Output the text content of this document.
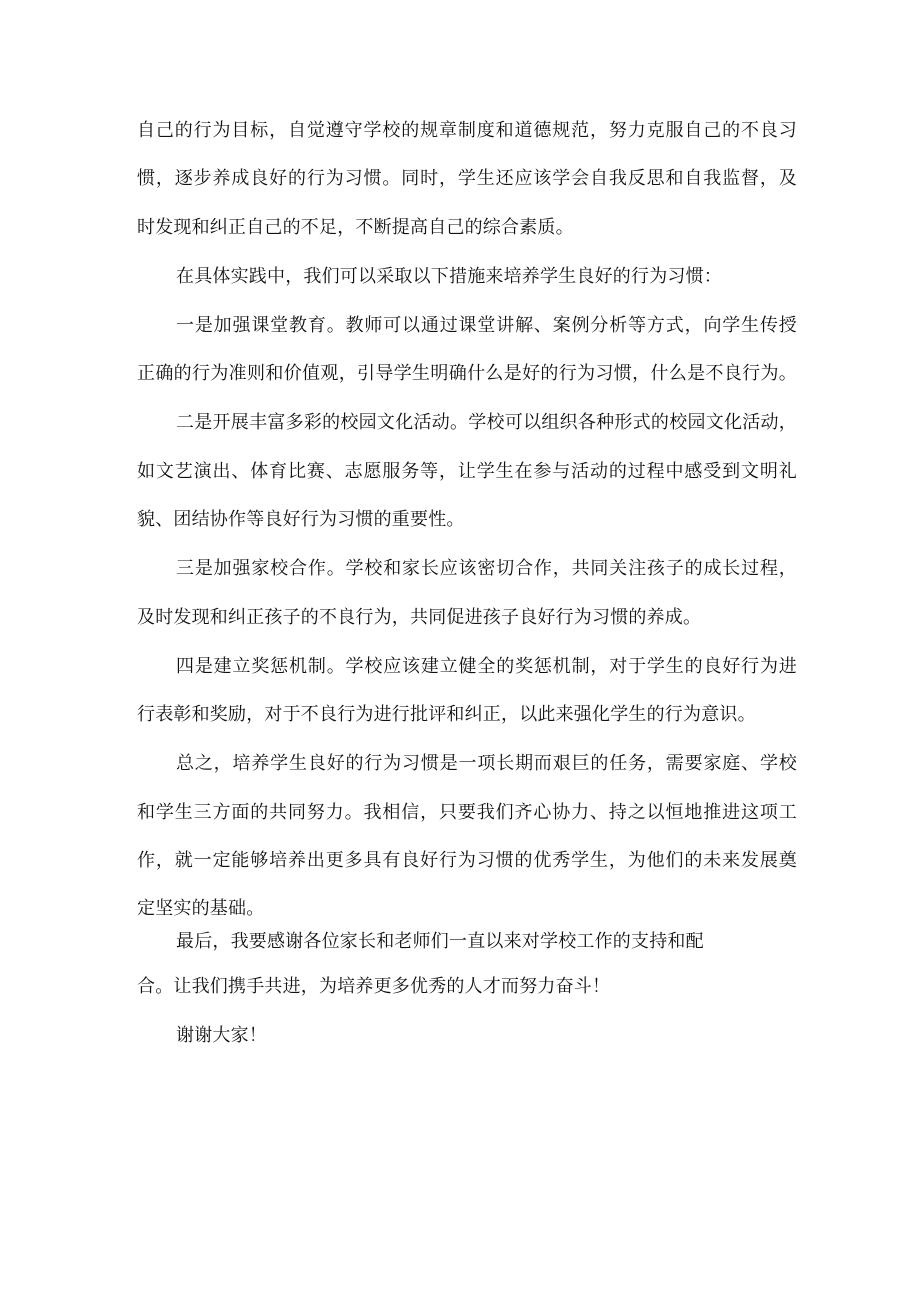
自己的行为目标，自觉遵守学校的规章制度和道德规范，努力克服自己的不良习
惯，逐步养成良好的行为习惯。同时，学生还应该学会自我反思和自我监督，及
时发现和纠正自己的不足，不断提高自己的综合素质。
在具体实践中，我们可以采取以下措施来培养学生良好的行为习惯：
一是加强课堂教育。教师可以通过课堂讲解、案例分析等方式，向学生传授
正确的行为准则和价值观，引导学生明确什么是好的行为习惯，什么是不良行为。
二是开展丰富多彩的校园文化活动。学校可以组织各种形式的校园文化活动，
如文艺演出、体育比赛、志愿服务等，让学生在参与活动的过程中感受到文明礼
貌、团结协作等良好行为习惯的重要性。
三是加强家校合作。学校和家长应该密切合作，共同关注孩子的成长过程，
及时发现和纠正孩子的不良行为，共同促进孩子良好行为习惯的养成。
四是建立奖惩机制。学校应该建立健全的奖惩机制，对于学生的良好行为进
行表彰和奖励，对于不良行为进行批评和纠正，以此来强化学生的行为意识。
总之，培养学生良好的行为习惯是一项长期而艰巨的任务，需要家庭、学校
和学生三方面的共同努力。我相信，只要我们齐心协力、持之以恒地推进这项工
作，就一定能够培养出更多具有良好行为习惯的优秀学生，为他们的未来发展奠
定坚实的基础。
最后，我要感谢各位家长和老师们一直以来对学校工作的支持和配
合。让我们携手共进，为培养更多优秀的人才而努力奋斗！
谢谢大家！
